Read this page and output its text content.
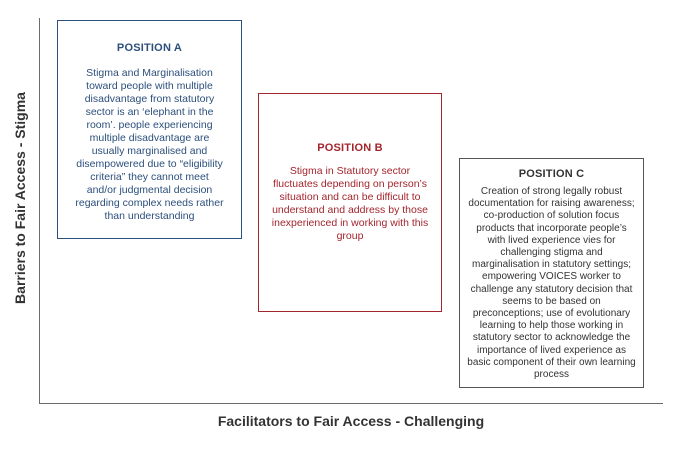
Barriers to Fair Access - Stigma
Facilitators to Fair Access - Challenging
POSITION A
Stigma and Marginalisation toward people with multiple disadvantage from statutory sector is an ‘elephant in the room’. people experiencing multiple disadvantage are usually marginalised and disempowered due to “eligibility criteria” they cannot meet and/or judgmental decision regarding complex needs rather than understanding
POSITION B
Stigma in Statutory sector fluctuates depending on person’s situation and can be difficult to understand and address by those inexperienced in working with this group
POSITION C
Creation of strong legally robust documentation for raising awareness; co-production of solution focus products that incorporate people’s with lived experience vies for challenging stigma and marginalisation in statutory settings; empowering VOICES worker to challenge any statutory decision that seems to be based on preconceptions; use of evolutionary learning to help those working in statutory sector to acknowledge the importance of lived experience as basic component of their own learning process
